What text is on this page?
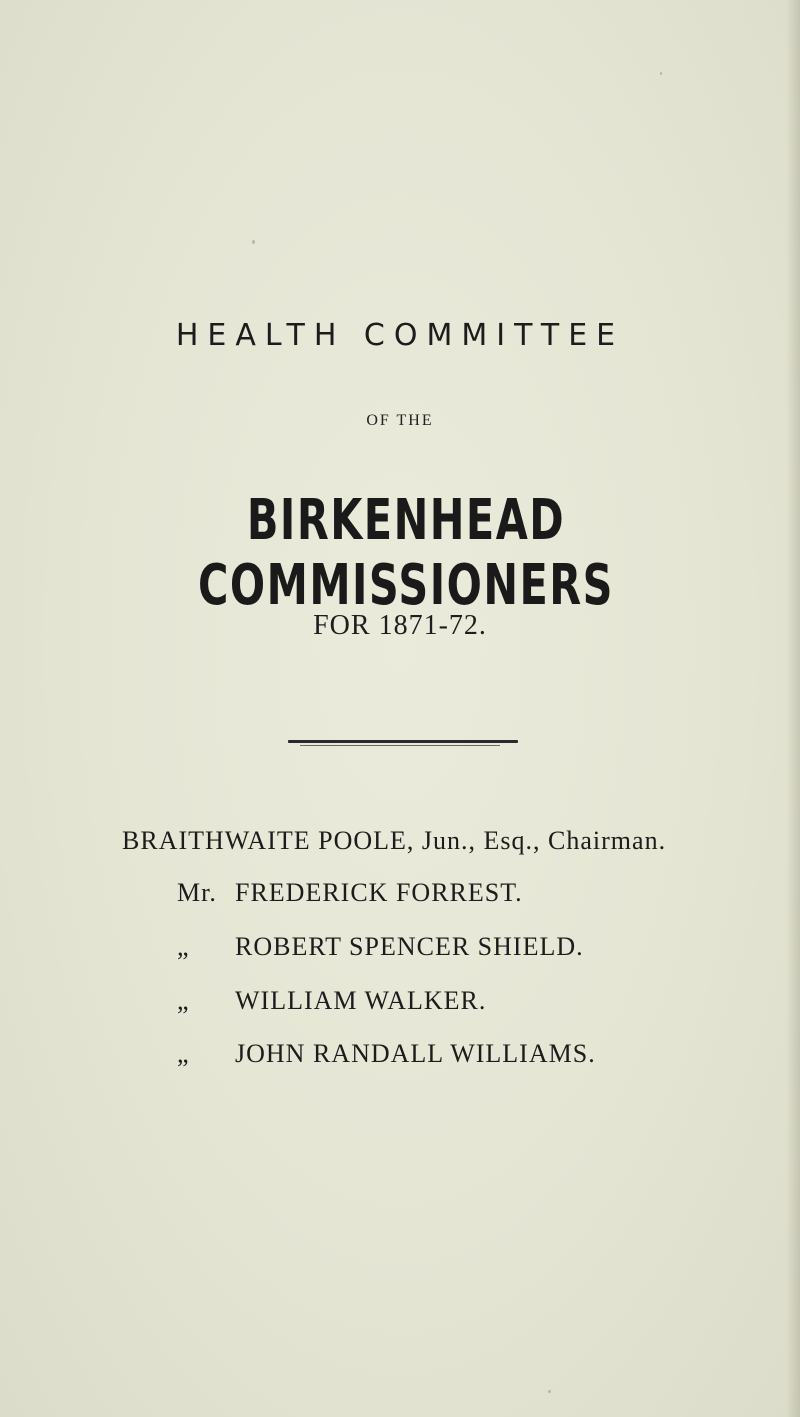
HEALTH COMMITTEE

OF THE

BIRKENHEAD COMMISSIONERS

FOR 1871-72.

BRAITHWAITE POOLE, Jun., Esq., Chairman.

Mr. FREDERICK FORREST.

„ ROBERT SPENCER SHIELD.

„ WILLIAM WALKER.

„ JOHN RANDALL WILLIAMS.
